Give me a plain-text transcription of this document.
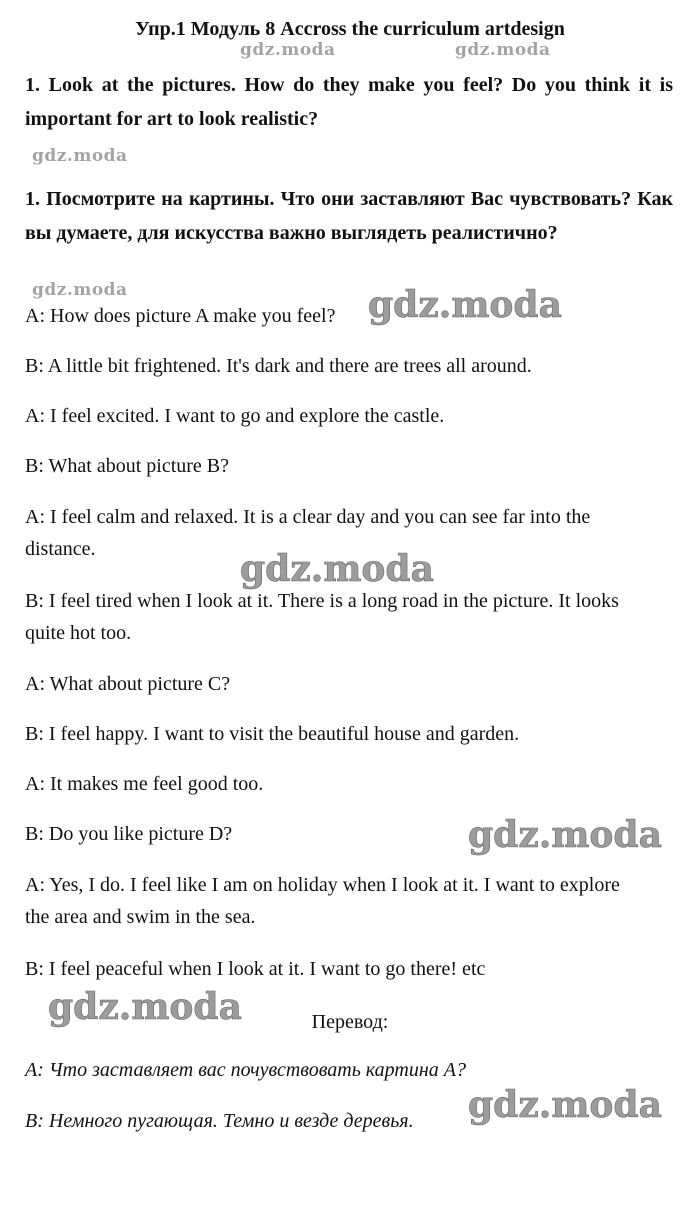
Упр.1 Модуль 8 Accross the curriculum artdesign
1. Look at the pictures. How do they make you feel? Do you think it is important for art to look realistic?
1. Посмотрите на картины. Что они заставляют Вас чувствовать? Как вы думаете, для искусства важно выглядеть реалистично?
A: How does picture A make you feel?
B: A little bit frightened. It's dark and there are trees all around.
A: I feel excited. I want to go and explore the castle.
B: What about picture B?
A: I feel calm and relaxed. It is a clear day and you can see far into the
distance.
B: I feel tired when I look at it. There is a long road in the picture. It looks
quite hot too.
A: What about picture C?
B: I feel happy. I want to visit the beautiful house and garden.
A: It makes me feel good too.
B: Do you like picture D?
A: Yes, I do. I feel like I am on holiday when I look at it. I want to explore
the area and swim in the sea.
B: I feel peaceful when I look at it. I want to go there! etc
Перевод:
A: Что заставляет вас почувствовать картина А?
B: Немного пугающая. Темно и везде деревья.
gdz.moda	gdz.moda
gdz.moda
gdz.moda	gdz.moda
gdz.moda
gdz.moda
gdz.moda
gdz.moda
